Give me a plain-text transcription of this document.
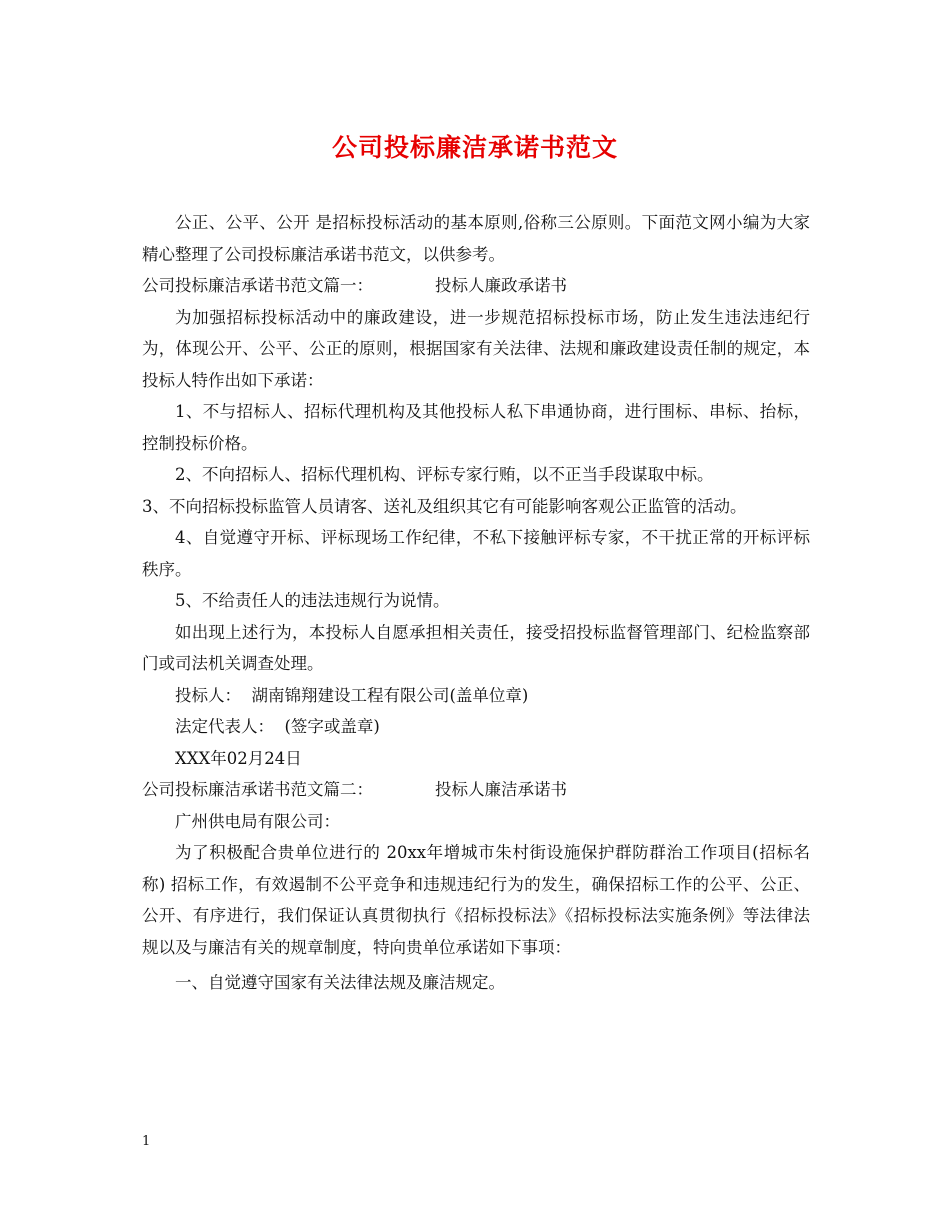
公司投标廉洁承诺书范文

公正、公平、公开 是招标投标活动的基本原则,俗称三公原则。下面范文网小编为大家精心整理了公司投标廉洁承诺书范文，以供参考。

公司投标廉洁承诺书范文篇一：	投标人廉政承诺书

为加强招标投标活动中的廉政建设，进一步规范招标投标市场，防止发生违法违纪行为，体现公开、公平、公正的原则，根据国家有关法律、法规和廉政建设责任制的规定，本投标人特作出如下承诺：

1、不与招标人、招标代理机构及其他投标人私下串通协商，进行围标、串标、抬标，控制投标价格。

2、不向招标人、招标代理机构、评标专家行贿，以不正当手段谋取中标。

3、不向招标投标监管人员请客、送礼及组织其它有可能影响客观公正监管的活动。

4、自觉遵守开标、评标现场工作纪律，不私下接触评标专家，不干扰正常的开标评标秩序。

5、不给责任人的违法违规行为说情。

如出现上述行为，本投标人自愿承担相关责任，接受招投标监督管理部门、纪检监察部门或司法机关调查处理。

投标人：  湖南锦翔建设工程有限公司(盖单位章)

法定代表人：  (签字或盖章)

XXX年02月24日

公司投标廉洁承诺书范文篇二：	投标人廉洁承诺书

广州供电局有限公司：

为了积极配合贵单位进行的 20xx年增城市朱村街设施保护群防群治工作项目(招标名称) 招标工作，有效遏制不公平竞争和违规违纪行为的发生，确保招标工作的公平、公正、公开、有序进行，我们保证认真贯彻执行《招标投标法》《招标投标法实施条例》等法律法规以及与廉洁有关的规章制度，特向贵单位承诺如下事项：

一、自觉遵守国家有关法律法规及廉洁规定。

1
